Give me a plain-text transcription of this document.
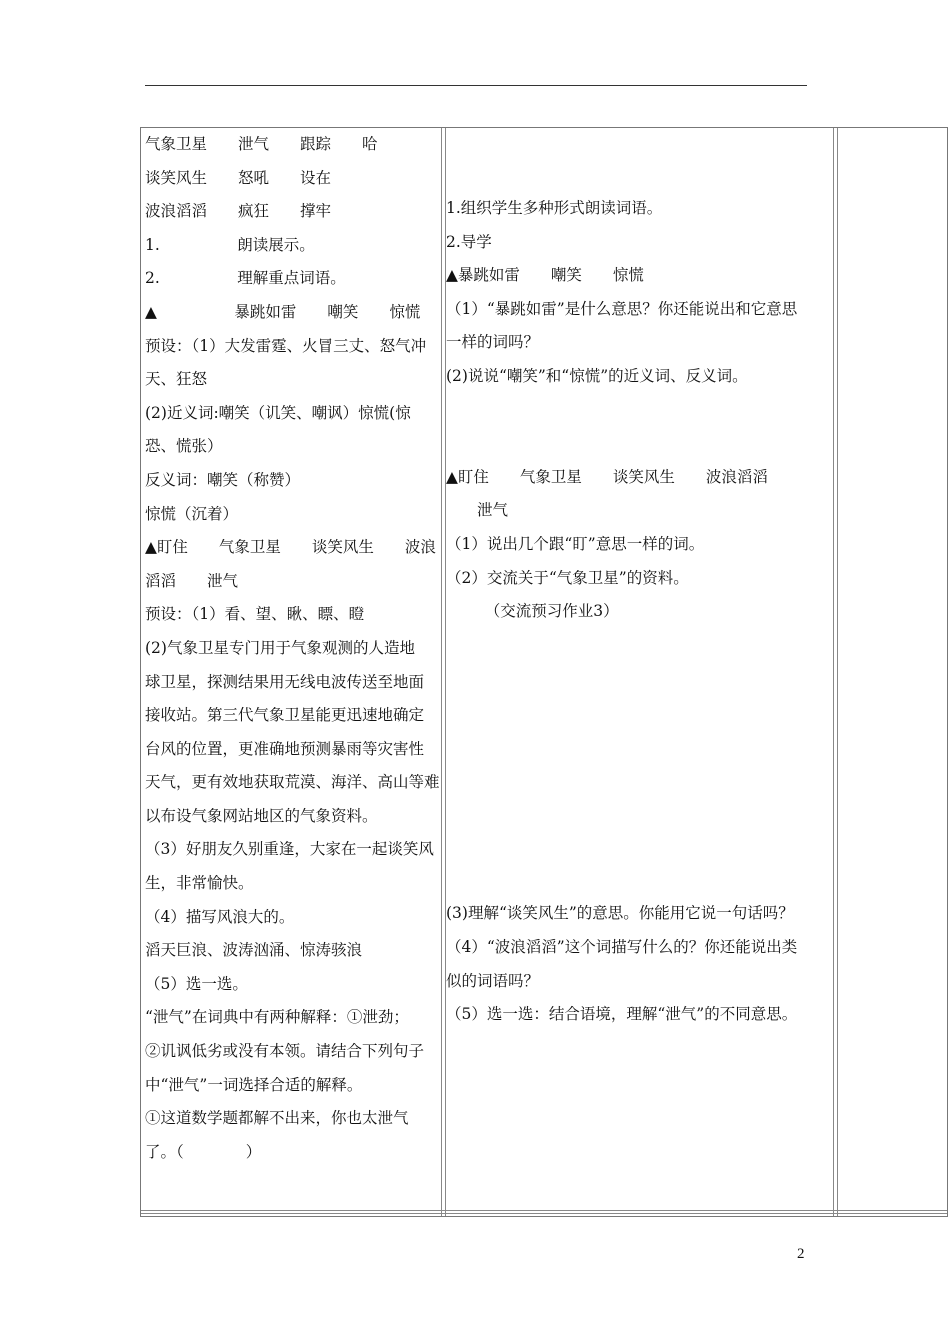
气象卫星　　泄气　　跟踪　　哈
谈笑风生　　怒吼　　设在
波浪滔滔　　疯狂　　撑牢
1.　　　　　朗读展示。
2.　　　　　理解重点词语。
▲　　　　　暴跳如雷　　嘲笑　　惊慌
预设：（1）大发雷霆、火冒三丈、怒气冲
天、狂怒
(2)近义词:嘲笑（讥笑、嘲讽）惊慌(惊
恐、慌张）
反义词：嘲笑（称赞）
惊慌（沉着）
▲盯住　　气象卫星　　谈笑风生　　波浪
滔滔　　泄气
预设：（1）看、望、瞅、瞟、瞪
(2)气象卫星专门用于气象观测的人造地
球卫星，探测结果用无线电波传送至地面
接收站。第三代气象卫星能更迅速地确定
台风的位置，更准确地预测暴雨等灾害性
天气，更有效地获取荒漠、海洋、高山等难
以布设气象网站地区的气象资料。
（3）好朋友久别重逢，大家在一起谈笑风
生，非常愉快。
（4）描写风浪大的。
滔天巨浪、波涛汹涌、惊涛骇浪
（5）选一选。
“泄气”在词典中有两种解释：①泄劲；
②讥讽低劣或没有本领。请结合下列句子
中“泄气”一词选择合适的解释。
①这道数学题都解不出来，你也太泄气
了。（　　　　）
1.组织学生多种形式朗读词语。
2.导学
▲暴跳如雷　　嘲笑　　惊慌
（1）“暴跳如雷”是什么意思？你还能说出和它意思
一样的词吗？
(2)说说“嘲笑”和“惊慌”的近义词、反义词。
▲盯住　　气象卫星　　谈笑风生　　波浪滔滔
　　泄气
（1）说出几个跟“盯”意思一样的词。
（2）交流关于“气象卫星”的资料。
　　　（交流预习作业3）
(3)理解“谈笑风生”的意思。你能用它说一句话吗？
（4）“波浪滔滔”这个词描写什么的？你还能说出类
似的词语吗？
（5）选一选：结合语境，理解“泄气”的不同意思。
2
